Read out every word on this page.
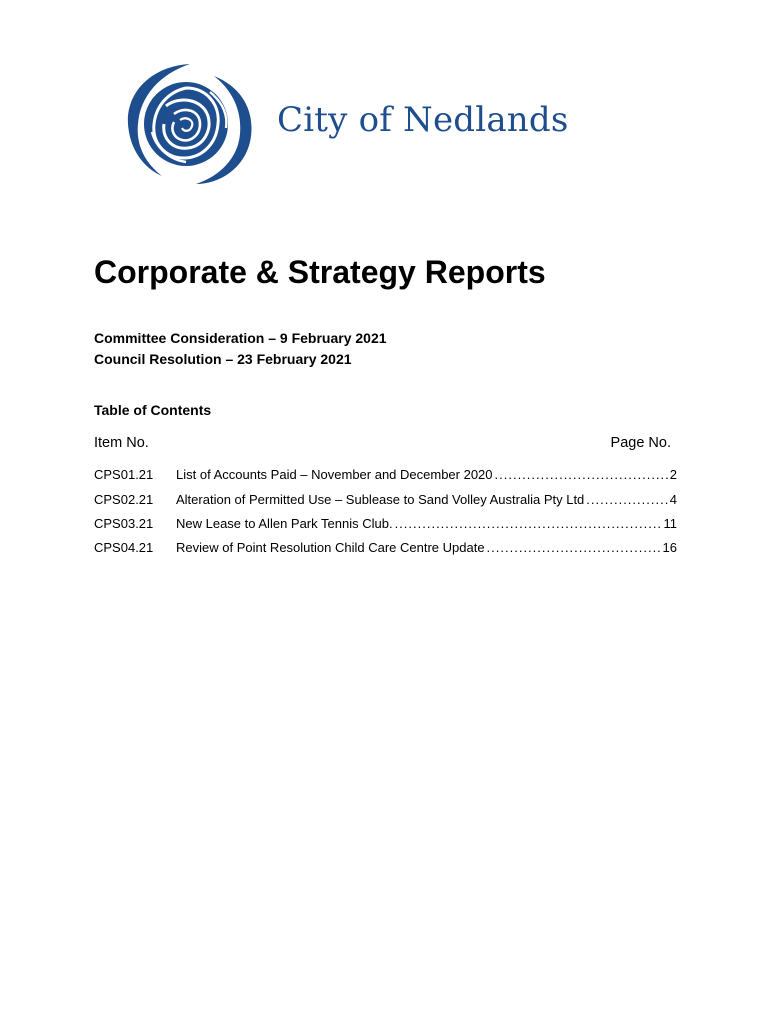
City of Nedlands
Corporate & Strategy Reports
Committee Consideration – 9 February 2021
Council Resolution – 23 February 2021
Table of Contents
Item No.	Page No.
CPS01.21 List of Accounts Paid – November and December 2020 .....	2
CPS02.21 Alteration of Permitted Use – Sublease to Sand Volley Australia Pty Ltd .....	4
CPS03.21 New Lease to Allen Park Tennis Club. .....	11
CPS04.21 Review of Point Resolution Child Care Centre Update .....	16
